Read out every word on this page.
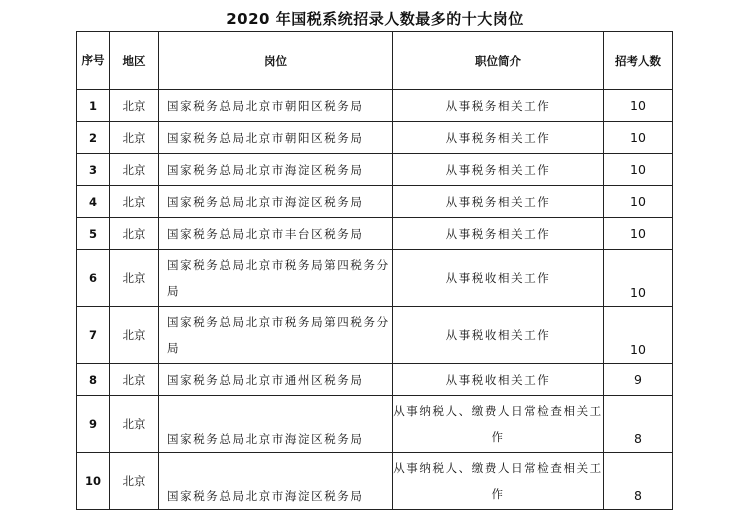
2020 年国税系统招录人数最多的十大岗位
序号	地区	岗位	职位简介	招考人数
1	北京	国家税务总局北京市朝阳区税务局	从事税务相关工作	10
2	北京	国家税务总局北京市朝阳区税务局	从事税务相关工作	10
3	北京	国家税务总局北京市海淀区税务局	从事税务相关工作	10
4	北京	国家税务总局北京市海淀区税务局	从事税务相关工作	10
5	北京	国家税务总局北京市丰台区税务局	从事税务相关工作	10
6	北京	国家税务总局北京市税务局第四税务分局	从事税收相关工作	10
7	北京	国家税务总局北京市税务局第四税务分局	从事税收相关工作	10
8	北京	国家税务总局北京市通州区税务局	从事税收相关工作	9
9	北京	国家税务总局北京市海淀区税务局	从事纳税人、缴费人日常检查相关工作	8
10	北京	国家税务总局北京市海淀区税务局	从事纳税人、缴费人日常检查相关工作	8
